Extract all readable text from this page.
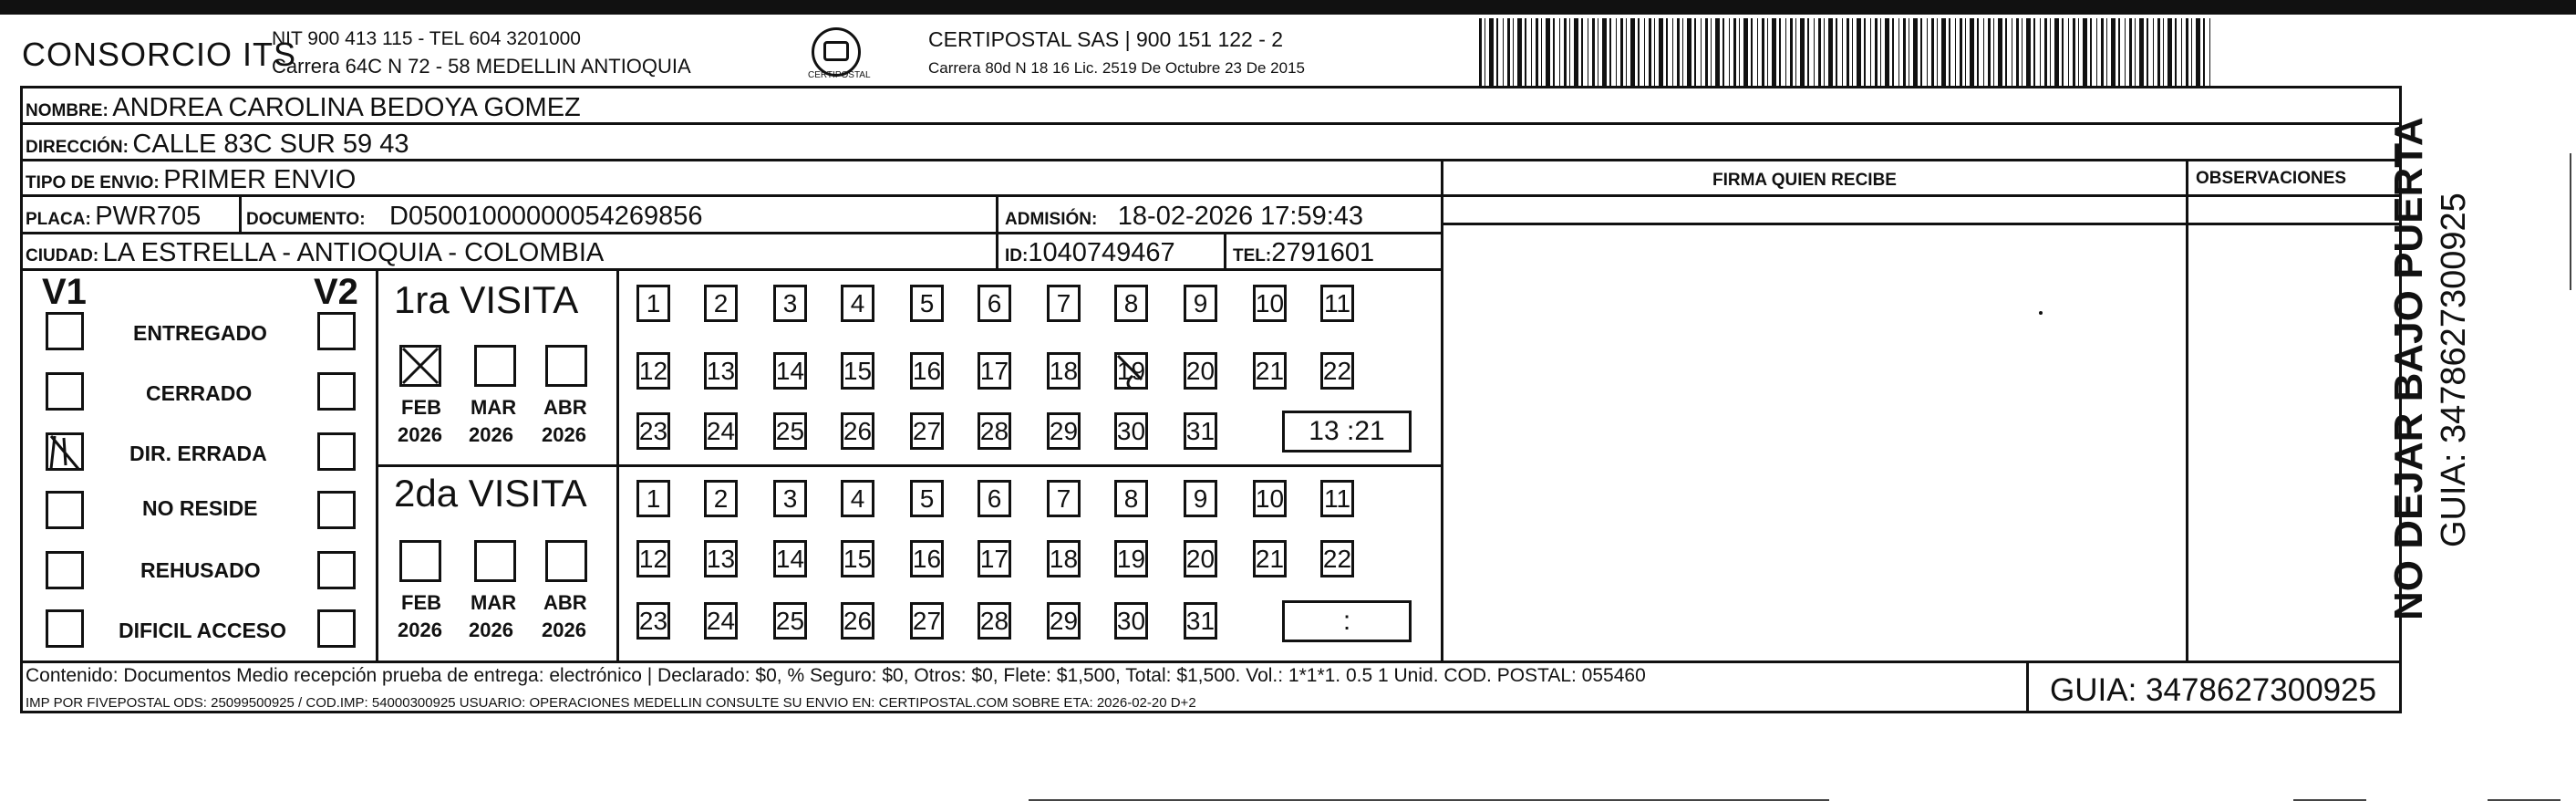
CONSORCIO ITS
NIT 900 413 115 - TEL 604 3201000
Carrera 64C N 72 - 58 MEDELLIN ANTIOQUIA	CERTIPOSTAL
CERTIPOSTAL SAS | 900 151 122 - 2
Carrera 80d N 18 16 Lic. 2519 De Octubre 23 De 2015
NOMBRE: ANDREA CAROLINA BEDOYA GOMEZ
DIRECCIÓN: CALLE 83C SUR 59 43
TIPO DE ENVIO: PRIMER ENVIO	FIRMA QUIEN RECIBE	OBSERVACIONES
PLACA: PWR705	DOCUMENTO: D05001000000054269856	ADMISIÓN: 18-02-2026 17:59:43
CIUDAD: LA ESTRELLA - ANTIOQUIA - COLOMBIA	ID:1040749467	TEL:2791601
V1	V2
ENTREGADO
CERRADO
DIR. ERRADA
NO RESIDE
REHUSADO
DIFICIL ACCESO
1ra VISITA
FEB MAR ABR
2026 2026 2026
1	2	3	4	5	6	7	8	9	10 11
12 13 14 15 16 17 18 19 20 21 22
23 24 25 26 27 28 29 30 31	13 :21
2da VISITA
FEB MAR ABR
2026 2026 2026
1	2	3	4	5	6	7	8	9	10 11
12 13 14 15 16 17 18 19 20 21 22
23 24 25 26 27 28 29 30 31	:
Contenido: Documentos Medio recepción prueba de entrega: electrónico | Declarado: $0, % Seguro: $0, Otros: $0, Flete: $1,500, Total: $1,500. Vol.: 1*1*1. 0.5 1 Unid. COD. POSTAL: 055460
IMP POR FIVEPOSTAL ODS: 25099500925 / COD.IMP: 54000300925 USUARIO: OPERACIONES MEDELLIN CONSULTE SU ENVIO EN: CERTIPOSTAL.COM SOBRE ETA: 2026-02-20 D+2	GUIA: 3478627300925
NO DEJAR BAJO PUERTA GUIA: 3478627300925
